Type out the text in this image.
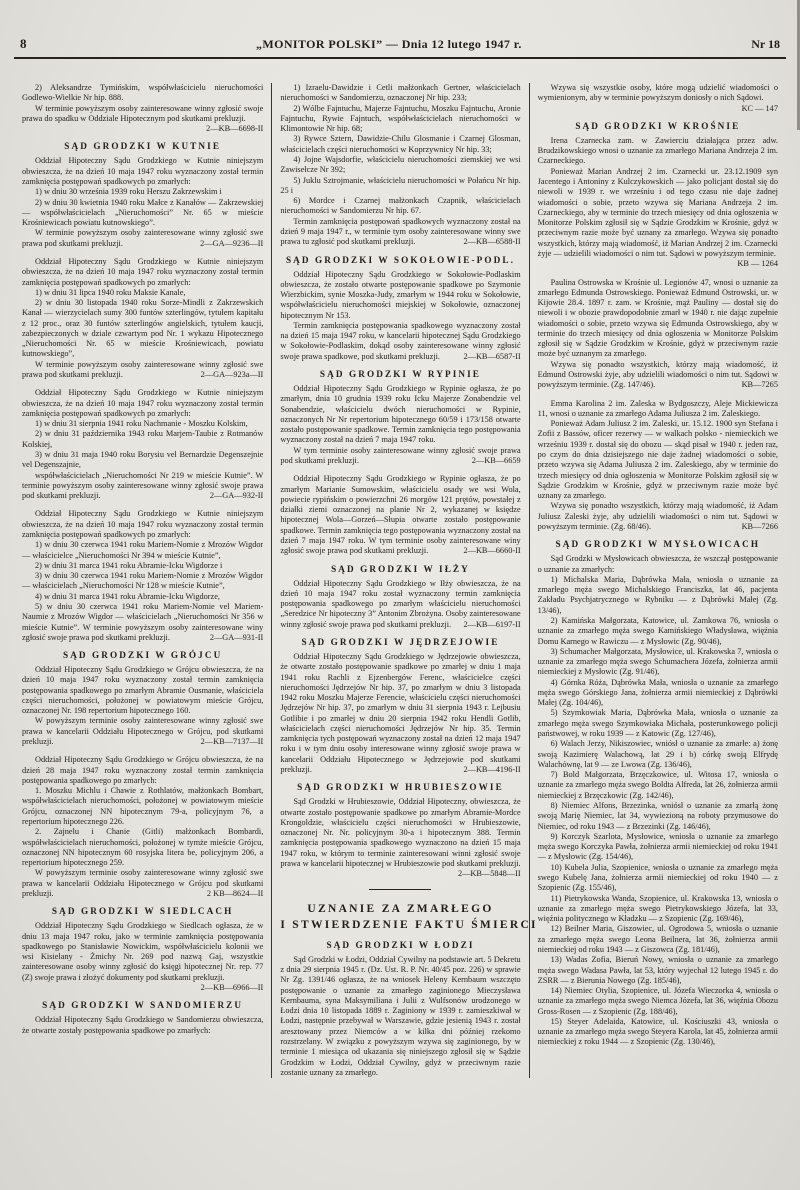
8	„MONITOR POLSKI” — Dnia 12 lutego 1947 r.	Nr 18
2) Aleksandrze Tymińskim, współwłaścicielu nieruchomości Godlewo-Wielkie Nr hip. 888.
W terminie powyższym osoby zainteresowane winny zgłosić swoje prawa do spadku w Oddziale Hipotecznym pod skutkami prekluzji.
2—KB—6698-II
SĄD GRODZKI W KUTNIE
Oddział Hipoteczny Sądu Grodzkiego w Kutnie niniejszym obwieszcza, że na dzień 10 maja 1947 roku wyznaczony został termin zamknięcia postępowań spadkowych po zmarłych:
1) w dniu 30 września 1939 roku Herszu Zakrzewskim i
2) w dniu 30 kwietnia 1940 roku Małce z Kanałów — Zakrzewskiej — współwłaścicielach „Nieruchomości” Nr. 65 w mieście Krośniewicach powiatu kutnowskiego”.
W terminie powyższym osoby zainteresowane winny zgłosić swe prawa pod skutkami prekluzji.	2—GA—9236—II
Oddział Hipoteczny Sądu Grodzkiego w Kutnie niniejszym obwieszcza, że na dzień 10 maja 1947 roku wyznaczony został termin zamknięcia postępowań spadkowych po zmarłych:
1) w dniu 31 lipca 1940 roku Maksie Kanale,
2) w dniu 30 listopada 1940 roku Sorze-Mindli z Zakrzewskich Kanał — wierzycielach sumy 300 funtów szterlingów, tytułem kapitału z 12 proc., oraz 30 funtów szterlingów angielskich, tytułem kaucji, zabezpieczonych w dziale czwartym pod Nr. 1 wykazu Hipotecznego „Nieruchomości Nr. 65 w mieście Krośniewicach, powiatu kutnowskiego”,
W terminie powyższym osoby zainteresowane winny zgłosić swe prawa pod skutkami prekluzji.	2—GA—923a—II
Oddział Hipoteczny Sądu Grodzkiego w Kutnie niniejszym obwieszcza, że na dzień 10 maja 1947 roku wyznaczony został termin zamknięcia postępowań spadkowych po zmarłych:
1) w dniu 31 sierpnia 1941 roku Nachmanie - Moszku Kolskim,
2) w dniu 31 października 1943 roku Marjem-Taubie z Rotmanów Kolskiej,
3) w dniu 31 maja 1940 roku Borysiu vel Bernardzie Degenszejnie vel Degenszajnie,
współwłaścicielach „Nieruchomości Nr 219 w mieście Kutnie”. W terminie powyższym osoby zainteresowane winny zgłosić swoje prawa pod skutkami prekluzji.	2—GA—932-II
Oddział Hipoteczny Sądu Grodzkiego w Kutnie niniejszym obwieszcza, że na dzień 10 maja 1947 roku wyznaczony został termin zamknięcia postępowań spadkowych po zmarłych:
1) w dniu 30 czerwca 1941 roku Mariem-Nomie z Mrozów Wigdor — właścicielce „Nieruchomości Nr 394 w mieście Kutnie”,
2) w dniu 31 marca 1941 roku Abramie-Icku Wigdorze i
3) w dniu 30 czerwca 1941 roku Mariem-Nomie z Mrozów Wigdor — właścicielach „Nieruchomości Nr 128 w mieście Kutnie”,
4) w dniu 31 marca 1941 roku Abramie-Icku Wigdorze,
5) w dniu 30 czerwca 1941 roku Mariem-Nomie vel Mariem-Naumie z Mrozów Wigdor — właścicielach „Nieruchomości Nr 356 w mieście Kutnie”. W terminie powyższym osoby zainteresowane winy zgłosić swoje prawa pod skutkami prekluzji.	2—GA—931-II
SĄD GRODZKI W GRÓJCU
Oddział Hipoteczny Sądu Grodzkiego w Grójcu obwieszcza, że na dzień 10 maja 1947 roku wyznaczony został termin zamknięcia postępowania spadkowego po zmarłym Abramie Ousmanie, właściciela części nieruchomości, położonej w powiatowym mieście Grójcu, oznaczonej Nr. 198 repertorium hipotecznego 160.
W powyższym terminie osoby zainteresowane winny zgłosić swe prawa w kancelarii Oddziału Hipotecznego w Grójcu, pod skutkami prekluzji.	2—KB—7137—II
Oddział Hipoteczny Sądu Grodzkiego w Grójcu obwieszcza, że na dzień 28 maja 1947 roku wyznaczony został termin zamknięcia postępowania spadkowego po zmarłych:
1. Moszku Michlu i Chawie z Rothlatów, małżonkach Bombart, współwłaścicielach nieruchomości, położonej w powiatowym mieście Grójcu, oznaczonej NN hipotecznym 79-a, policyjnym 76, a repertorium hipotecznego 226.
2. Zajnelu i Chanie (Gitli) małżonkach Bombardi, współwłaścicielach nieruchomości, położonej w tymże mieście Grójcu, oznaczonej NN hipotecznym 60 rosyjska litera be, policyjnym 206, a repertorium hipotecznego 259.
W powyższym terminie osoby zainteresowane winny zgłosić swe prawa w kancelarii Oddziału Hipotecznego w Grójcu pod skutkami prekluzji.	2 KB—8624—II
SĄD GRODZKI W SIEDLCACH
Oddział Hipoteczny Sądu Grodzkiego w Siedlcach ogłasza, że w dniu 13 maja 1947 roku, jako w terminie zamknięcia postępowania spadkowego po Stanisławie Nowickim, współwłaścicielu kolonii we wsi Kisielany - Żmichy Nr. 269 pod nazwą Gaj, wszystkie zainteresowane osoby winny zgłosić do księgi hipotecznej Nr. rep. 77 (Z) swoje prawa i złożyć dokumenty pod skutkami prekluzji.
2—KB—6966—II
SĄD GRODZKI W SANDOMIERZU
Oddział Hipoteczny Sądu Grodzkiego w Sandomierzu obwieszcza, że otwarte zostały postępowania spadkowe po zmarłych:
1) Izraelu-Dawidzie i Cetli małżonkach Gertner, właścicielach nieruchomości w Sandomierzu, oznaczonej Nr hip. 233;
2) Wólbe Fajntuchu, Majerze Fajntuchu, Moszku Fajntuchu, Aronie Fajntuchu, Rywie Fajntuch, współwłaścicielach nieruchomości w Klimontowie Nr hip. 68;
3) Rywce Sztern, Dawidzie-Chilu Glosmanie i Czarnej Glosman, właścicielach części nieruchomości w Koprzywnicy Nr hip. 33;
4) Jojne Wajsdorfie, właścicielu nieruchomości ziemskiej we wsi Zawisełcze Nr 392;
5) Juklu Sztrojmanie, właścicielu nieruchomości w Połańcu Nr hip. 25 i
6) Mordce i Czarnej małżonkach Czapnik, właścicielach nieruchomości w Sandomierzu Nr hip. 67.
Termin zamknięcia postępowań spadkowych wyznaczony został na dzień 9 maja 1947 r., w terminie tym osoby zainteresowane winny swe prawa tu zgłosić pod skutkami prekluzji.	2—KB—6588-II
SĄD GRODZKI W SOKOŁOWIE-PODL.
Oddział Hipoteczny Sądu Grodzkiego w Sokołowie-Podlaskim obwieszcza, że zostało otwarte postępowanie spadkowe po Szymonie Wierzbickim, synie Moszka-Judy, zmarłym w 1944 roku w Sokołowie, współwłaścicielu nieruchomości miejskiej w Sokołowie, oznaczonej hipotecznym Nr 153.
Termin zamknięcia postępowania spadkowego wyznaczony został na dzień 15 maja 1947 roku, w kancelarii hipotecznej Sądu Grodzkiego w Sokołowie-Podlaskim, dokąd osoby zainteresowane winny zgłosić swoje prawa spadkowe, pod skutkami prekluzji.	2—KB—6587-II
SĄD GRODZKI W RYPINIE
Oddział Hipoteczny Sądu Grodzkiego w Rypinie ogłasza, że po zmarłym, dnia 10 grudnia 1939 roku Icku Majerze Zonabendzie vel Sonabendzie, właścicielu dwóch nieruchomości w Rypinie, oznaczonych Nr Nr repertorium hipotecznego 60/59 i 173/158 otwarte zostało postępowanie spadkowe. Termin zamknięcia tego postępowania wyznaczony został na dzień 7 maja 1947 roku.
W tym terminie osoby zainteresowane winny zgłosić swoje prawa pod skutkami prekluzji.	2—KB—6659
Oddział Hipoteczny Sądu Grodzkiego w Rypinie ogłasza, że po zmarłym Marianie Sumowskim, właścicielu osady we wsi Wola, powiecie rypińskim o powierzchni 26 morgów 121 prętów, powstałej z działki ziemi oznaczonej na planie Nr 2, wykazanej w księdze hipotecznej Wola—Gorzeń—Słupia otwarte zostało postępowanie spadkowe. Termin zamknięcia tego postępowania wyznaczony został na dzień 7 maja 1947 roku. W tym terminie osoby zainteresowane winy zgłosić swoje prawa pod skutkami prekluzji.	2—KB—6660-II
SĄD GRODZKI W IŁŻY
Oddział Hipoteczny Sądu Grodzkiego w Iłży obwieszcza, że na dzień 10 maja 1947 roku został wyznaczony termin zamknięcia postępowania spadkowego po zmarłym właścicielu nieruchomości „Seredzice Nr hipoteczny 3” Antonim Zbrożyna. Osoby zainteresowane winny zgłosić swoje prawa pod skutkami prekluzji.	2—KB—6197-II
SĄD GRODZKI W JĘDRZEJOWIE
Oddział Hipoteczny Sądu Grodzkiego w Jędrzejowie obwieszcza, że otwarte zostało postępowanie spadkowe po zmarłej w dniu 1 maja 1941 roku Rachli z Ejzenbergów Ferenc, właścicielce części nieruchomości Jędrzejów Nr hip. 37, po zmarłym w dniu 3 listopada 1942 roku Moszku Majerze Ferencie, właścicielu części nieruchomości Jędrzejów Nr hip. 37, po zmarłym w dniu 31 sierpnia 1943 r. Lejbusiu Gotlibie i po zmarłej w dniu 20 sierpnia 1942 roku Hendli Gotlib, właścicielach części nieruchomości Jędrzejów Nr hip. 35. Termin zamknięcia tych postępowań wyznaczony został na dzień 12 maja 1947 roku i w tym dniu osoby interesowane winny zgłosić swoje prawa w kancelarii Oddziału Hipotecznego w Jędrzejowie pod skutkami prekluzji.	2—KB—4196-II
SĄD GRODZKI W HRUBIESZOWIE
Sąd Grodzki w Hrubieszowie, Oddział Hipoteczny, obwieszcza, że otwarte zostało postępowanie spadkowe po zmarłym Abramie-Mordce Krongoldzie, właścicielu części nieruchomości w Hrubieszowie, oznaczonej Nr. Nr. policyjnym 30-a i hipotecznym 388. Termin zamknięcia postępowania spadkowego wyznaczono na dzień 15 maja 1947 roku, w którym to terminie zainteresowani winni zgłosić swoje prawa w kancelarii hipotecznej w Hrubieszowie pod skutkami prekluzji.
2—KB—5848—II
UZNANIE ZA ZMARŁEGO
I STWIERDZENIE FAKTU ŚMIERCI
SĄD GRODZKI W ŁODZI
Sąd Grodzki w Łodzi, Oddział Cywilny na podstawie art. 5 Dekretu z dnia 29 sierpnia 1945 r. (Dz. Ust. R. P. Nr. 40/45 poz. 226) w sprawie Nr Zg. 1391/46 ogłasza, że na wniosek Heleny Kernbaum wszczęto postępowanie o uznanie za zmarłego zaginionego Mieczysława Kernbauma, syna Maksymiliana i Julii z Wulfsonów urodzonego w Łodzi dnia 10 listopada 1889 r. Zaginiony w 1939 r. zamieszkiwał w Łodzi, następnie przebywał w Warszawie, gdzie jesienią 1943 r. został aresztowany przez Niemców a w kilka dni później rzekomo rozstrzelany. W związku z powyższym wzywa się zaginionego, by w terminie 1 miesiąca od ukazania się niniejszego zgłosił się w Sądzie Grodzkim w Łodzi, Oddział Cywilny, gdyż w przeciwnym razie zostanie uznany za zmarłego.
Wzywa się wszystkie osoby, które mogą udzielić wiadomości o wymienionym, aby w terminie powyższym doniosły o nich Sądowi.
KC — 147
SĄD GRODZKI W KROŚNIE
Irena Czarnecka zam. w Zawierciu działająca przez adw. Brudzikowskiego wnosi o uznanie za zmarłego Mariana Andrzeja 2 im. Czarneckiego.
Ponieważ Marian Andrzej 2 im. Czarnecki ur. 23.12.1909 syn Jacentego i Antoniny z Kulczykowskich — jako policjant dostał się do niewoli w 1939 r. we wrześniu i od tego czasu nie daje żadnej wiadomości o sobie, przeto wzywa się Mariana Andrzeja 2 im. Czarneckiego, aby w terminie do trzech miesięcy od dnia ogłoszenia w Monitorze Polskim zgłosił się w Sądzie Grodzkim w Krośnie, gdyż w przeciwnym razie może być uznany za zmarłego. Wzywa się ponadto wszystkich, którzy mają wiadomość, iż Marian Andrzej 2 im. Czarnecki żyje — udzielili wiadomości o nim tut. Sądowi w powyższym terminie.
KB — 1264
Paulina Ostrowska w Krośnie ul. Legionów 47, wnosi o uznanie za zmarłego Edmunda Ostrowskiego. Ponieważ Edmund Ostrowski, ur. w Kijowie 28.4. 1897 r. zam. w Krośnie, mąż Pauliny — dostał się do niewoli i w obozie prawdopodobnie zmarł w 1940 r. nie dając zupełnie wiadomości o sobie, przeto wzywa się Edmunda Ostrowskiego, aby w terminie do trzech miesięcy od dnia ogłoszenia w Monitorze Polskim zgłosił się w Sądzie Grodzkim w Krośnie, gdyż w przeciwnym razie może być uznanym za zmarłego.
Wzywa się ponadto wszystkich, którzy mają wiadomość, iż Edmund Ostrowski żyje, aby udzielili wiadomości o nim tut. Sądowi w powyższym terminie. (Zg. 147/46).	KB—7265
Emma Karolina 2 im. Zaleska w Bydgoszczy, Aleje Mickiewicza 11, wnosi o uznanie za zmarłego Adama Juliusza 2 im. Zaleskiego.
Ponieważ Adam Juliusz 2 im. Zaleski, ur. 15.12. 1900 syn Stefana i Zofii z Bassów, oficer rezerwy — w walkach polsko - niemieckich we wrześniu 1939 r. dostał się do obozu — skąd pisał w 1940 r. jeden raz, po czym do dnia dzisiejszego nie daje żadnej wiadomości o sobie, przeto wzywa się Adama Juliusza 2 im. Zaleskiego, aby w terminie do trzech miesięcy od dnia ogłoszenia w Monitorze Polskim zgłosił się w Sądzie Grodzkim w Krośnie, gdyż w przeciwnym razie może być uznany za zmarłego.
Wzywa się ponadto wszystkich, którzy mają wiadomość, iż Adam Juliusz Zaleski żyje, aby udzielili wiadomości o nim tut. Sądowi w powyższym terminie. (Zg. 68/46).	KB—7266
SĄD GRODZKI W MYSŁOWICACH
Sąd Grodzki w Mysłowicach obwieszcza, że wszczął postępowanie o uznanie za zmarłych:
1) Michalska Maria, Dąbrówka Mała, wniosła o uznanie za zmarłego męża swego Michalskiego Franciszka, lat 46, pacjenta Zakładu Psychjatrycznego w Rybniku — z Dąbrówki Małej (Zg. 13/46),
2) Kamińska Małgorzata, Katowice, ul. Zamkowa 76, wniosła o uznanie za zmarłego męża swego Kamińskiego Władysława, więźnia Domu Karnego w Rawiczu — z Mysłowic (Zg. 90/46),
3) Schumacher Małgorzata, Mysłowice, ul. Krakowska 7, wniosła o uznanie za zmarłego męża swego Schumachera Józefa, żołnierza armii niemieckiej z Mysłowic (Zg. 91/46),
4) Górnka Róża, Dąbrówka Mała, wniosła o uznanie za zmarłego męża swego Górskiego Jana, żołnierza armii niemieckiej z Dąbrówki Małej (Zg. 104/46),
5) Szymkowiak Maria, Dąbrówka Mała, wniosła o uznanie za zmarłego męża swego Szymkowiaka Michała, posterunkowego policji państwowej, w roku 1939 — z Katowic (Zg. 127/46),
6) Walach Jerzy, Nikiszowiec, wniósł o uznanie za zmarłe: a) żonę swoją Kazimierę Walachową, lat 29 i b) córkę swoją Elfrydę Walachównę, lat 9 — ze Lwowa (Zg. 136/46),
7) Bold Małgorzata, Brzęczkowice, ul. Witosa 17, wniosła o uznanie za zmarłego męża swego Boldta Alfreda, lat 26, żołnierza armii niemieckiej z Brzęczkowic (Zg. 142/46),
8) Niemiec Alfons, Brzezinka, wniósł o uznanie za zmarłą żonę swoją Marię Niemiec, lat 34, wywiezioną na roboty przymusowe do Niemiec, od roku 1943 — z Brzezinki (Zg. 146/46),
9) Korczyk Szarlota, Mysłowice, wniosła o uznanie za zmarłego męża swego Korczyka Pawła, żołnierza armii niemieckiej od roku 1941 — z Mysłowic (Zg. 154/46),
10) Kubela Julia, Szopienice, wniosła o uznanie za zmarłego męża swego Kubelę Jana, żołnierza armii niemieckiej od roku 1940 — z Szopienic (Zg. 155/46),
11) Pietrykowska Wanda, Szopienice, ul. Krakowska 13, wniosła o uznanie za zmarłego męża swego Pietrykowskiego Józefa, lat 33, więźnia politycznego w Kładzku — z Szopienic (Zg. 169/46),
12) Beilner Maria, Giszowiec, ul. Ogrodowa 5, wniosła o uznanie za zmarłego męża swego Leona Beilnera, lat 36, żołnierza armii niemieckiej od roku 1943 — z Giszowca (Zg. 181/46),
13) Wadas Zofia, Bieruń Nowy, wniosła o uznanie za zmarłego męża swego Wadasa Pawła, lat 53, który wyjechał 12 lutego 1945 r. do ZSRR — z Bierunia Nowego (Zg. 185/46),
14) Niemiec Otylia, Szopienice, ul. Józefa Wieczorka 4, wniosła o uznanie za zmarłego męża swego Niemca Józefa, lat 36, więźnia Obozu Gross-Rosen — z Szopienic (Zg. 188/46),
15) Steyer Adelaida, Katowice, ul. Kościuszki 43, wniosła o uznanie za zmarłego męża swego Steyera Karola, lat 45, żołnierza armii niemieckiej z roku 1944 — z Szopienic (Zg. 130/46),
